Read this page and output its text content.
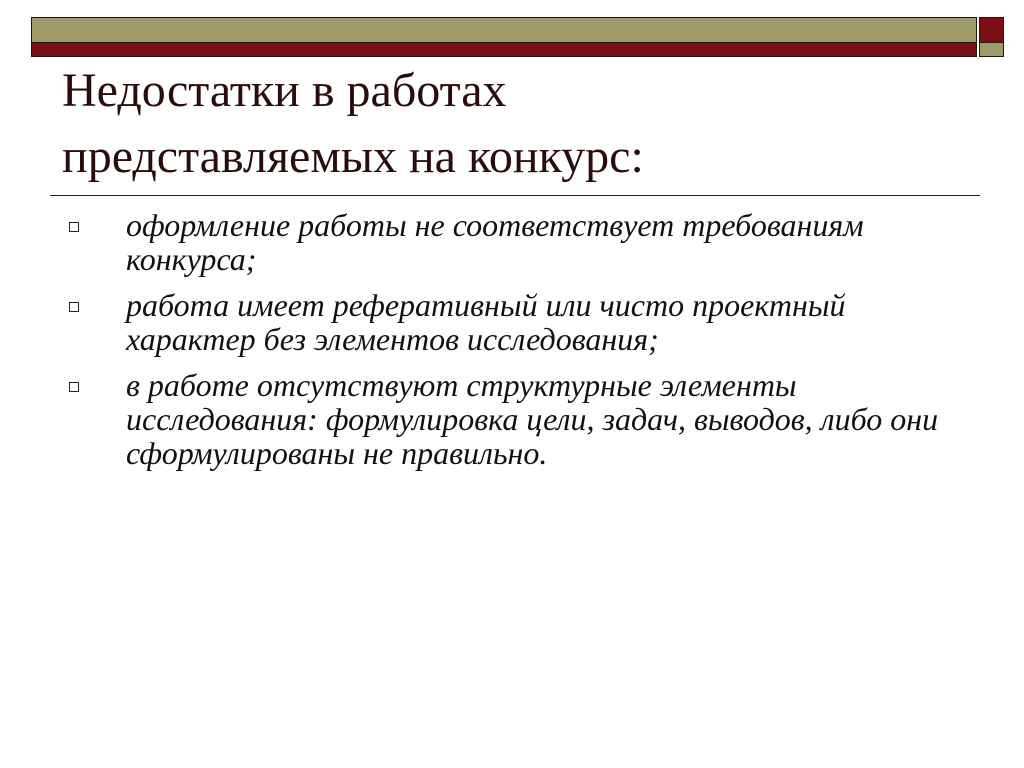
Недостатки в работах
представляемых на конкурс:
оформление работы не соответствует требованиям конкурса;
работа имеет реферативный или чисто проектный характер без элементов исследования;
в работе отсутствуют структурные элементы исследования: формулировка цели, задач, выводов, либо они сформулированы не правильно.
